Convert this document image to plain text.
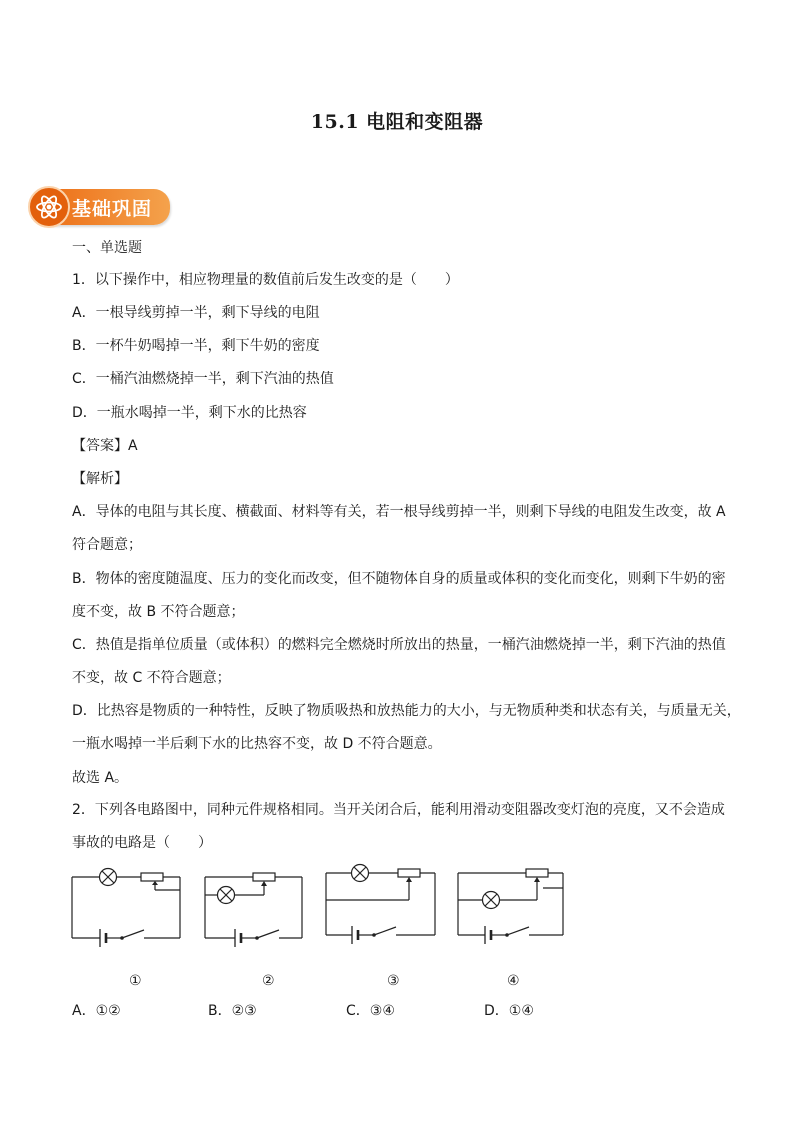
15.1 电阻和变阻器
基础巩固
一、单选题
1．以下操作中，相应物理量的数值前后发生改变的是（　　）
A．一根导线剪掉一半，剩下导线的电阻
B．一杯牛奶喝掉一半，剩下牛奶的密度
C．一桶汽油燃烧掉一半，剩下汽油的热值
D．一瓶水喝掉一半，剩下水的比热容
【答案】A
【解析】
A．导体的电阻与其长度、横截面、材料等有关，若一根导线剪掉一半，则剩下导线的电阻发生改变，故 A
符合题意；
B．物体的密度随温度、压力的变化而改变，但不随物体自身的质量或体积的变化而变化，则剩下牛奶的密
度不变，故 B 不符合题意；
C．热值是指单位质量（或体积）的燃料完全燃烧时所放出的热量，一桶汽油燃烧掉一半，剩下汽油的热值
不变，故 C 不符合题意；
D．比热容是物质的一种特性，反映了物质吸热和放热能力的大小，与无物质种类和状态有关，与质量无关，
一瓶水喝掉一半后剩下水的比热容不变，故 D 不符合题意。
故选 A。
2．下列各电路图中，同种元件规格相同。当开关闭合后，能利用滑动变阻器改变灯泡的亮度，又不会造成
事故的电路是（　　）
①	②	③	④
A．①②	B．②③	C．③④	D．①④
